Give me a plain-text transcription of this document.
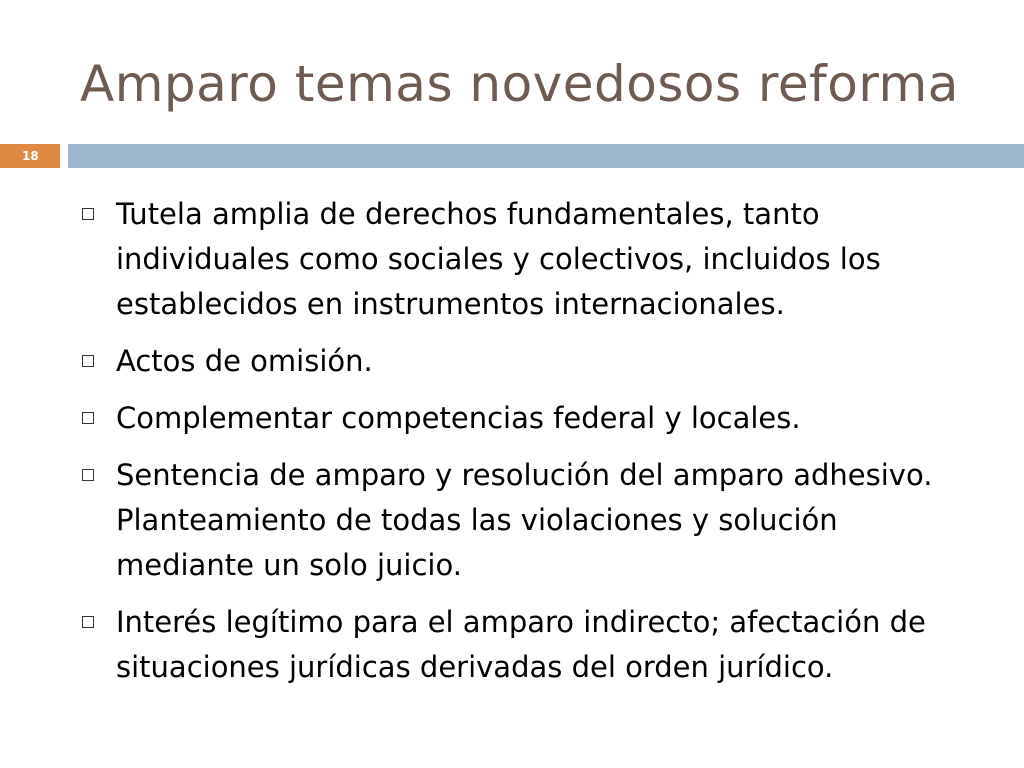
Amparo temas novedosos reforma
18
Tutela amplia de derechos fundamentales, tanto individuales como sociales y colectivos, incluidos los establecidos en instrumentos internacionales.
Actos de omisión.
Complementar competencias federal y locales.
Sentencia de amparo y resolución del amparo adhesivo. Planteamiento de todas las violaciones y solución mediante un solo juicio.
Interés legítimo para el amparo indirecto; afectación de situaciones jurídicas derivadas del orden jurídico.
